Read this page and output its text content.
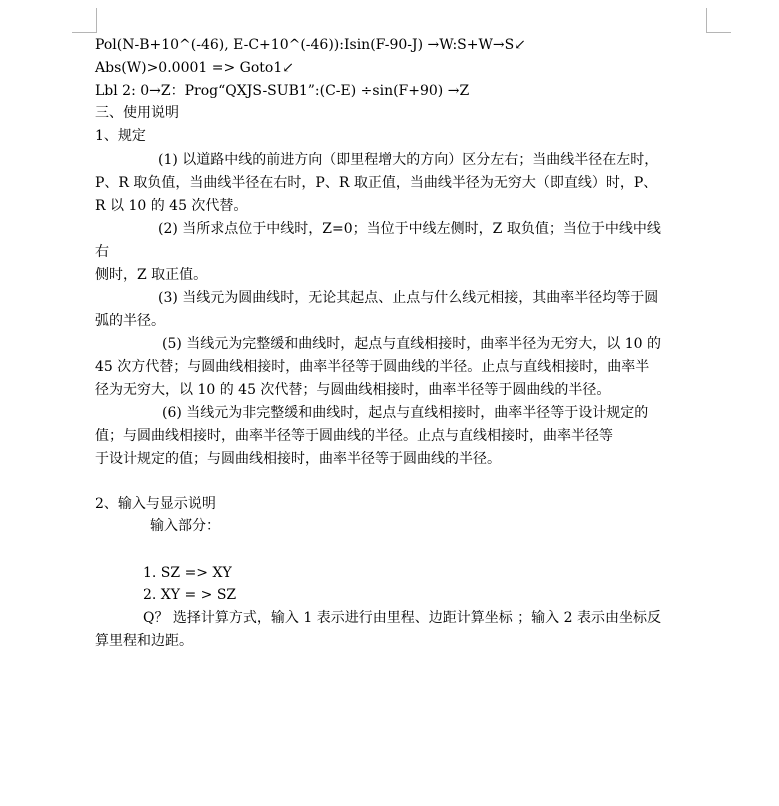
Pol(N-B+10^(-46), E-C+10^(-46)):Isin(F-90-J) →W:S+W→S↙
Abs(W)>0.0001 => Goto1↙
Lbl 2: 0→Z：Prog“QXJS-SUB1”:(C-E) ÷sin(F+90) →Z
三、使用说明
1、规定
(1) 以道路中线的前进方向（即里程增大的方向）区分左右；当曲线半径在左时，
P、R 取负值，当曲线半径在右时，P、R 取正值，当曲线半径为无穷大（即直线）时，P、
R 以 10 的 45 次代替。
(2) 当所求点位于中线时，Z=0；当位于中线左侧时，Z 取负值；当位于中线中线
右
侧时，Z 取正值。
(3) 当线元为圆曲线时，无论其起点、止点与什么线元相接，其曲率半径均等于圆
弧的半径。
(5) 当线元为完整缓和曲线时，起点与直线相接时，曲率半径为无穷大，以 10 的
45 次方代替；与圆曲线相接时，曲率半径等于圆曲线的半径。止点与直线相接时，曲率半
径为无穷大，以 10 的 45 次代替；与圆曲线相接时，曲率半径等于圆曲线的半径。
(6) 当线元为非完整缓和曲线时，起点与直线相接时，曲率半径等于设计规定的
值；与圆曲线相接时，曲率半径等于圆曲线的半径。止点与直线相接时，曲率半径等
于设计规定的值；与圆曲线相接时，曲率半径等于圆曲线的半径。
2、输入与显示说明
输入部分：
1. SZ => XY
2. XY = > SZ
Q？ 选择计算方式，输入 1 表示进行由里程、边距计算坐标 ；输入 2 表示由坐标反
算里程和边距。
